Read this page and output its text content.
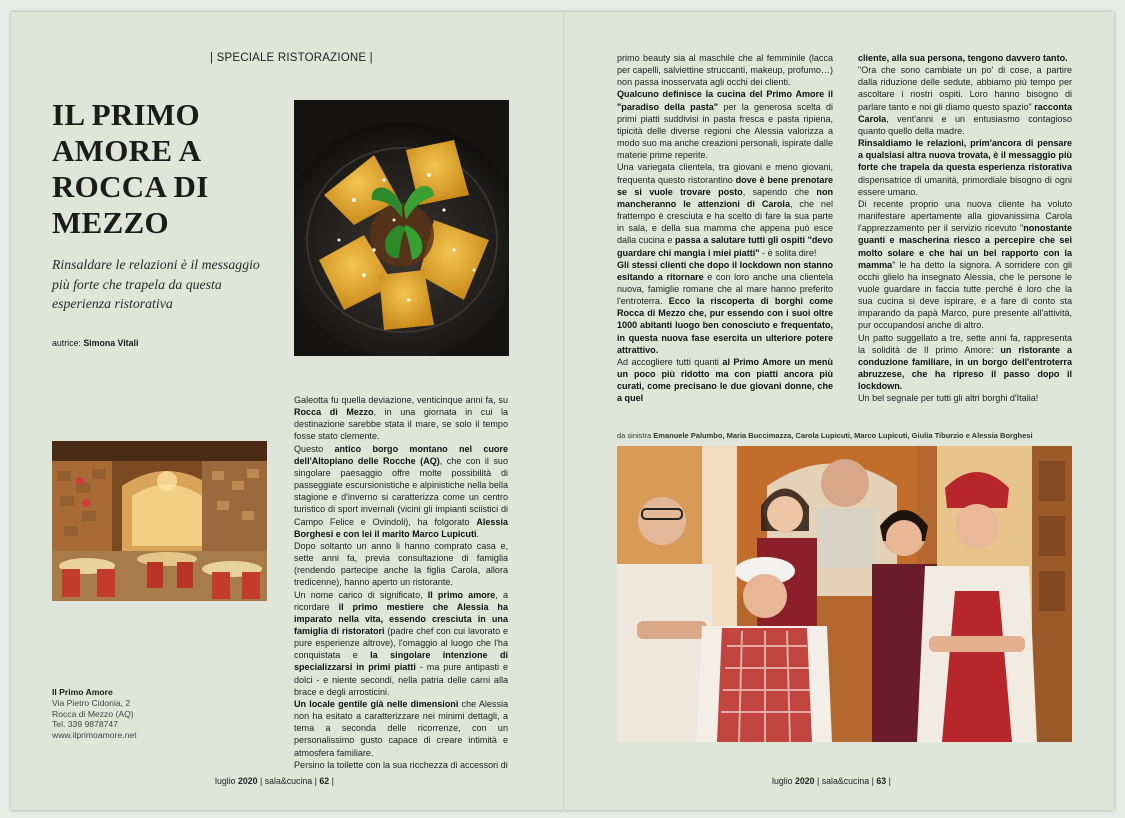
| SPECIALE RISTORAZIONE |
IL PRIMO AMORE A ROCCA DI MEZZO
Rinsaldare le relazioni è il messaggio più forte che trapela da questa esperienza ristorativa
autrice: Simona Vitali
Il Primo Amore
Via Pietro Cidonia, 2
Rocca di Mezzo (AQ)
Tel. 339 9878747
www.ilprimoamore.net

Galeotta fu quella deviazione, venticinque anni fa, su Rocca di Mezzo, in una giornata in cui la destinazione sarebbe stata il mare, se solo il tempo fosse stato clemente.

Questo antico borgo montano nel cuore dell'Altopiano delle Rocche (AQ), che con il suo singolare paesaggio offre molte possibilità di passeggiate escursionistiche e alpinistiche nella bella stagione e d'inverno si caratterizza come un centro turistico di sport invernali (vicini gli impianti sciistici di Campo Felice e Ovindoli), ha folgorato Alessia Borghesi e con lei il marito Marco Lupicuti.

Dopo soltanto un anno li hanno comprato casa e, sette anni fa, previa consultazione di famiglia (rendendo partecipe anche la figlia Carola, allora tredicenne), hanno aperto un ristorante.

Un nome carico di significato, Il primo amore, a ricordare il primo mestiere che Alessia ha imparato nella vita, essendo cresciuta in una famiglia di ristoratori (padre chef con cui lavorato e pure esperienze altrove), l'omaggio al luogo che l'ha conquistata e la singolare intenzione di specializzarsi in primi piatti - ma pure antipasti e dolci - e niente secondi, nella patria delle carni alla brace e degli arrosticini.

Un locale gentile già nelle dimensioni che Alessia non ha esitato a caratterizzare nei minimi dettagli, a tema a seconda delle ricorrenze, con un personalissimo gusto capace di creare intimità e atmosfera familiare.

Persino la toilette con la sua ricchezza di accessori di

luglio 2020 | sala&cucina | 62 |

primo beauty sia al maschile che al femminile (lacca per capelli, salviettine struccanti, makeup, profumo…) non passa inosservata agli occhi dei clienti.

Qualcuno definisce la cucina del Primo Amore il "paradiso della pasta" per la generosa scelta di primi piatti suddivisi in pasta fresca e pasta ripiena, tipicità delle diverse regioni che Alessia valorizza a modo suo ma anche creazioni personali, ispirate dalle materie prime reperite.

Una variegata clientela, tra giovani e meno giovani, frequenta questo ristorantino dove è bene prenotare se si vuole trovare posto, sapendo che non mancheranno le attenzioni di Carola, che nel frattempo è cresciuta e ha scelto di fare la sua parte in sala, e della sua mamma che appena può esce dalla cucina e passa a salutare tutti gli ospiti "devo guardare chi mangia i miei piatti" - è solita dire!

Gli stessi clienti che dopo il lockdown non stanno esitando a ritornare e con loro anche una clientela nuova, famiglie romane che al mare hanno preferito l'entroterra. Ecco la riscoperta di borghi come Rocca di Mezzo che, pur essendo con i suoi oltre 1000 abitanti luogo ben conosciuto e frequentato, in questa nuova fase esercita un ulteriore potere attrattivo.

Ad accogliere tutti quanti al Primo Amore un menù un poco più ridotto ma con piatti ancora più curati, come precisano le due giovani donne, che a quel

cliente, alla sua persona, tengono davvero tanto.

"Ora che sono cambiate un po' di cose, a partire dalla riduzione delle sedute, abbiamo più tempo per ascoltare i nostri ospiti. Loro hanno bisogno di parlare tanto e noi gli diamo questo spazio" racconta Carola, vent'anni e un entusiasmo contagioso quanto quello della madre.

Rinsaldiamo le relazioni, prim'ancora di pensare a qualsiasi altra nuova trovata, è il messaggio più forte che trapela da questa esperienza ristorativa dispensatrice di umanità, primordiale bisogno di ogni essere umano.

Di recente proprio una nuova cliente ha voluto manifestare apertamente alla giovanissima Carola l'apprezzamento per il servizio ricevuto "nonostante guanti e mascherina riesco a percepire che sei molto solare e che hai un bel rapporto con la mamma" le ha detto la signora. A sorridere con gli occhi glielo ha insegnato Alessia, che le persone le vuole guardare in faccia tutte perché è loro che la sua cucina si deve ispirare, e a fare di conto sta imparando da papà Marco, pure presente all'attività, pur occupandosi anche di altro.

Un patto suggellato a tre, sette anni fa, rappresenta la solidità de Il primo Amore: un ristorante a conduzione familiare, in un borgo dell'entroterra abruzzese, che ha ripreso il passo dopo il lockdown.

Un bel segnale per tutti gli altri borghi d'Italia!

da sinistra Emanuele Palumbo, Maria Buccimazza, Carola Lupicuti, Marco Lupicuti, Giulia Tiburzio e Alessia Borghesi
luglio 2020 | sala&cucina | 63 |
